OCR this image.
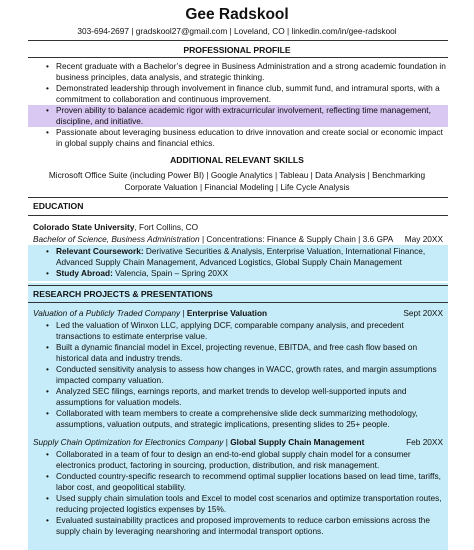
Gee Radskool
303-694-2697 | gradskool27@gmail.com | Loveland, CO | linkedin.com/in/gee-radskool
PROFESSIONAL PROFILE
• Recent graduate with a Bachelor’s degree in Business Administration and a strong academic foundation in business principles, data analysis, and strategic thinking.
• Demonstrated leadership through involvement in finance club, summit fund, and intramural sports, with a commitment to collaboration and continuous improvement.
• Proven ability to balance academic rigor with extracurricular involvement, reflecting time management, discipline, and initiative.
• Passionate about leveraging business education to drive innovation and create social or economic impact in global supply chains and financial ethics.
ADDITIONAL RELEVANT SKILLS
Microsoft Office Suite (including Power BI) | Google Analytics | Tableau | Data Analysis | Benchmarking
Corporate Valuation | Financial Modeling | Life Cycle Analysis
EDUCATION
Colorado State University, Fort Collins, CO
Bachelor of Science, Business Administration | Concentrations: Finance & Supply Chain | 3.6 GPA May 20XX
• Relevant Coursework: Derivative Securities & Analysis, Enterprise Valuation, International Finance, Advanced Supply Chain Management, Advanced Logistics, Global Supply Chain Management
• Study Abroad: Valencia, Spain – Spring 20XX
RESEARCH PROJECTS & PRESENTATIONS
Valuation of a Publicly Traded Company | Enterprise Valuation	Sept 20XX
• Led the valuation of Winxon LLC, applying DCF, comparable company analysis, and precedent transactions to estimate enterprise value.
• Built a dynamic financial model in Excel, projecting revenue, EBITDA, and free cash flow based on historical data and industry trends.
• Conducted sensitivity analysis to assess how changes in WACC, growth rates, and margin assumptions impacted company valuation.
• Analyzed SEC filings, earnings reports, and market trends to develop well-supported inputs and assumptions for valuation models.
• Collaborated with team members to create a comprehensive slide deck summarizing methodology, assumptions, valuation outputs, and strategic implications, presenting slides to 25+ people.
Supply Chain Optimization for Electronics Company | Global Supply Chain Management	Feb 20XX
• Collaborated in a team of four to design an end-to-end global supply chain model for a consumer electronics product, factoring in sourcing, production, distribution, and risk management.
• Conducted country-specific research to recommend optimal supplier locations based on lead time, tariffs, labor cost, and geopolitical stability.
• Used supply chain simulation tools and Excel to model cost scenarios and optimize transportation routes, reducing projected logistics expenses by 15%.
• Evaluated sustainability practices and proposed improvements to reduce carbon emissions across the supply chain by leveraging nearshoring and intermodal transport options.
